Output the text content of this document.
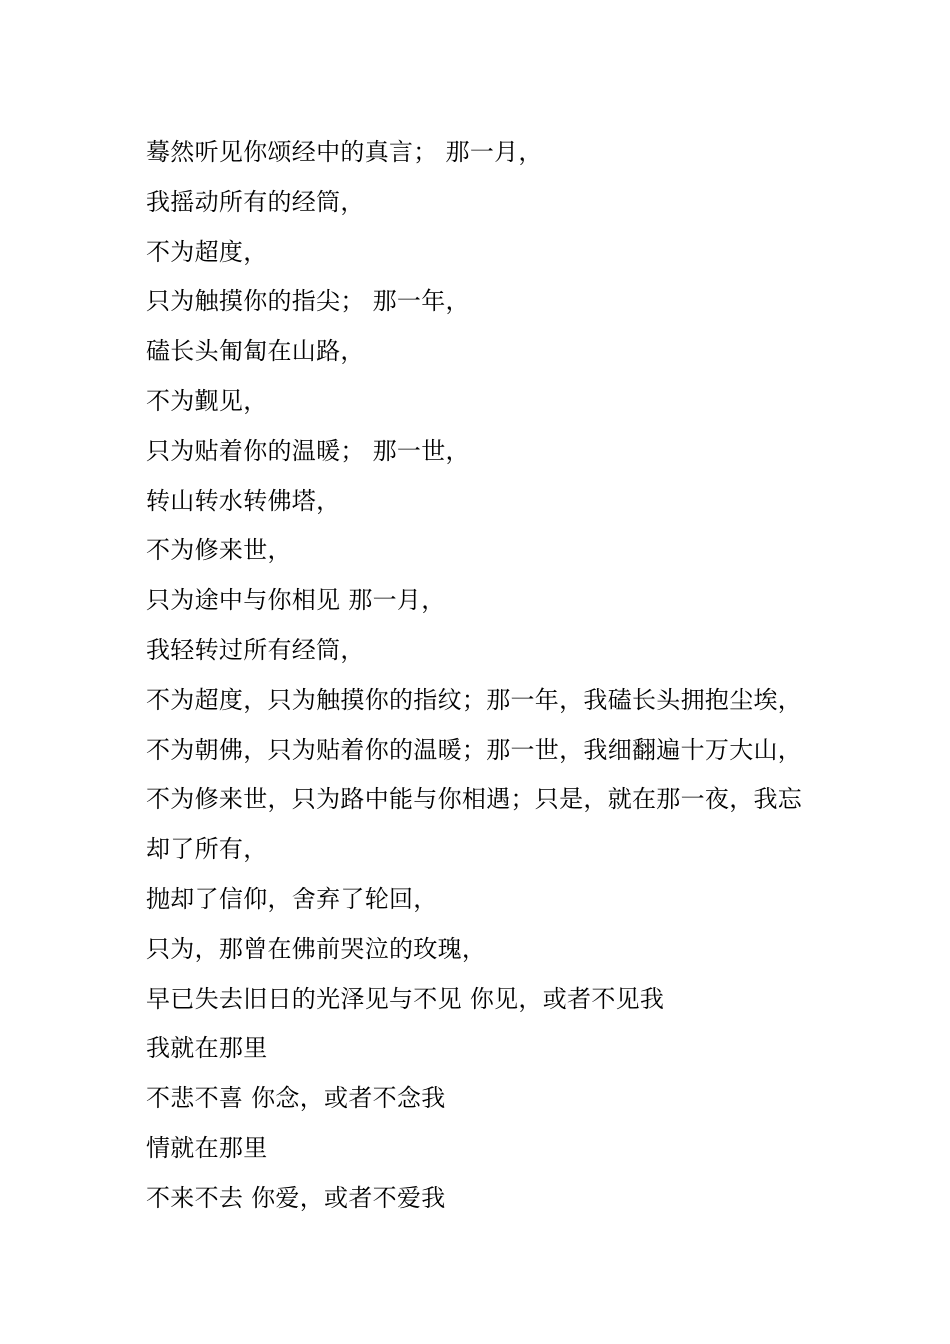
蓦然听见你颂经中的真言； 那一月，
我摇动所有的经筒，
不为超度，
只为触摸你的指尖； 那一年，
磕长头匍匐在山路，
不为觐见，
只为贴着你的温暖； 那一世，
转山转水转佛塔，
不为修来世，
只为途中与你相见 那一月，
我轻转过所有经筒，
不为超度，只为触摸你的指纹；那一年，我磕长头拥抱尘埃，
不为朝佛，只为贴着你的温暖；那一世，我细翻遍十万大山，
不为修来世，只为路中能与你相遇；只是，就在那一夜，我忘
却了所有，
抛却了信仰，舍弃了轮回，
只为，那曾在佛前哭泣的玫瑰，
早已失去旧日的光泽见与不见 你见，或者不见我
我就在那里
不悲不喜 你念，或者不念我
情就在那里
不来不去 你爱，或者不爱我
